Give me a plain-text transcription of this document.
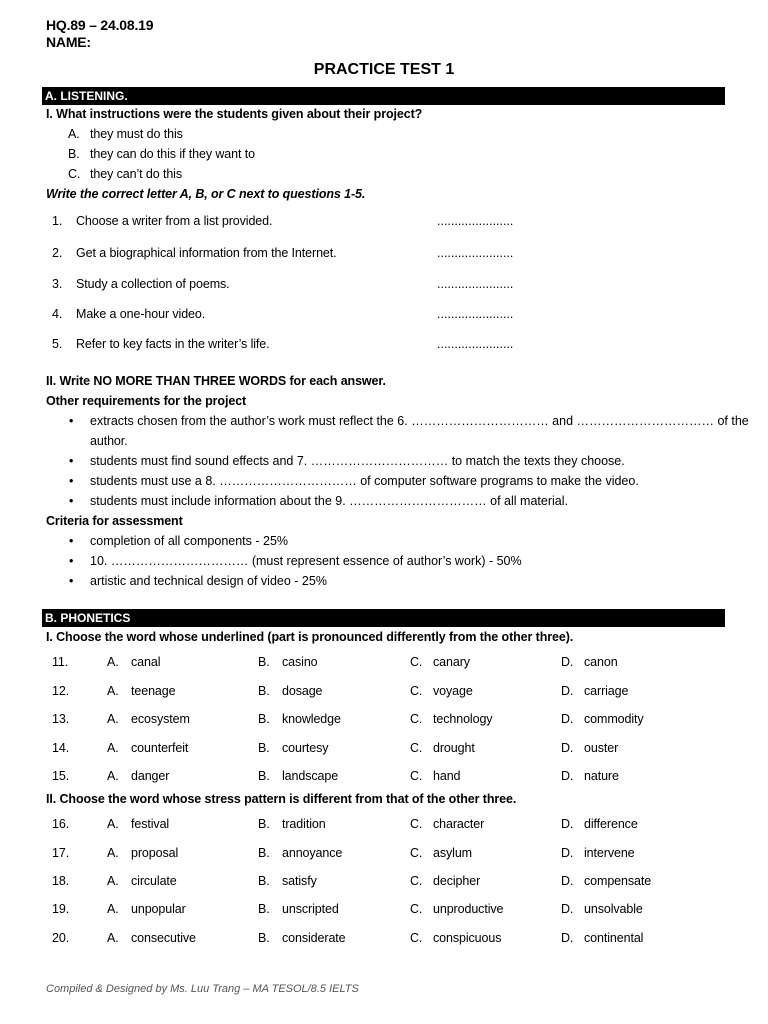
HQ.89 – 24.08.19
NAME:
PRACTICE TEST 1
A. LISTENING.
I. What instructions were the students given about their project?
A. they must do this
B. they can do this if they want to
C. they can’t do this
Write the correct letter A, B, or C next to questions 1-5.
1. Choose a writer from a list provided.	......................
2. Get a biographical information from the Internet.	......................
3. Study a collection of poems.	......................
4. Make a one-hour video.	......................
5. Refer to key facts in the writer’s life.	......................
II. Write NO MORE THAN THREE WORDS for each answer.
Other requirements for the project
• extracts chosen from the author’s work must reflect the 6. …………………………… and …………………………… of the
author.
• students must find sound effects and 7. …………………………… to match the texts they choose.
• students must use a 8. …………………………… of computer software programs to make the video.
• students must include information about the 9. …………………………… of all material.
Criteria for assessment
• completion of all components - 25%
• 10. …………………………… (must represent essence of author’s work) - 50%
• artistic and technical design of video - 25%
B. PHONETICS
I. Choose the word whose underlined (part is pronounced differently from the other three).
11.	A. canal	B. casino	C. canary	D. canon
12.	A. teenage	B. dosage	C. voyage	D. carriage
13.	A. ecosystem	B. knowledge	C. technology	D. commodity
14.	A. counterfeit	B. courtesy	C. drought	D. ouster
15.	A. danger	B. landscape	C. hand	D. nature
II. Choose the word whose stress pattern is different from that of the other three.
16.	A. festival	B. tradition	C. character	D. difference
17.	A. proposal	B. annoyance	C. asylum	D. intervene
18.	A. circulate	B. satisfy	C. decipher	D. compensate
19.	A. unpopular	B. unscripted	C. unproductive	D. unsolvable
20.	A. consecutive	B. considerate	C. conspicuous	D. continental
Compiled & Designed by Ms. Luu Trang – MA TESOL/8.5 IELTS
